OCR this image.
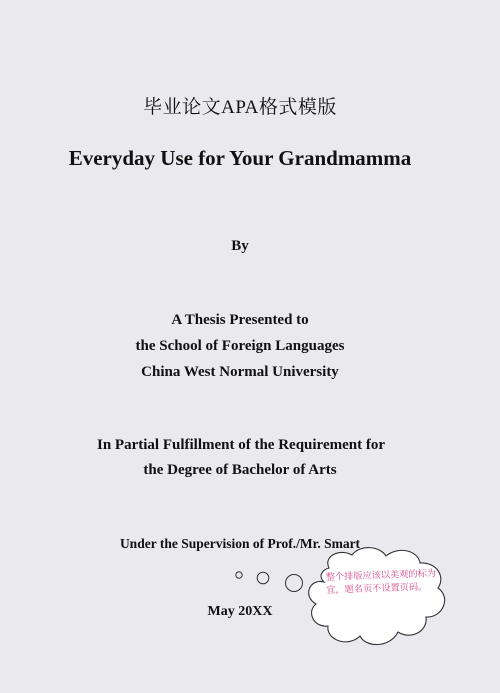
毕业论文APA格式模版
Everyday Use for Your Grandmamma
By
A Thesis Presented to
the School of Foreign Languages
China West Normal University
In Partial Fulfillment of the Requirement for
the Degree of Bachelor of Arts
Under the Supervision of Prof./Mr. Smart
May 20XX
整个排版应该以美观的标为宜，题名页不设置页码。
